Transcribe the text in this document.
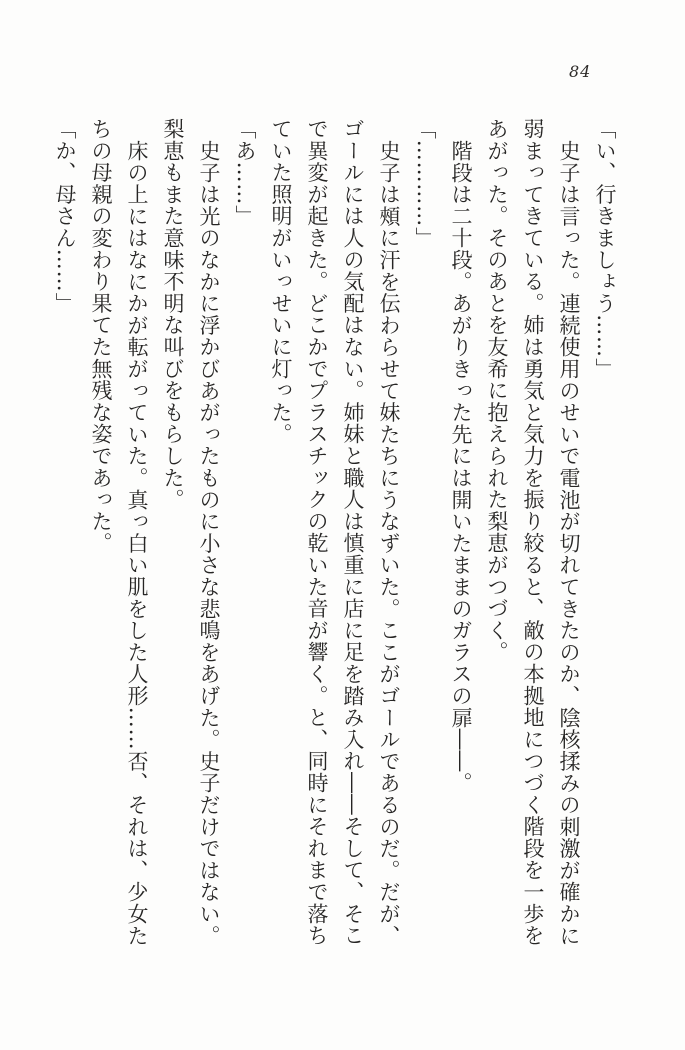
84

「い、行きましょう……」

史子は言った。連続使用のせいで電池が切れてきたのか、陰核揉みの刺激が確かに弱まってきている。姉は勇気と気力を振り絞ると、敵の本拠地につづく階段を一歩をあがった。そのあとを友希に抱えられた梨恵がつづく。

階段は二十段。あがりきった先には開いたままのガラスの扉――。

「…………」

史子は頰に汗を伝わらせて妹たちにうなずいた。ここがゴールであるのだ。だが、ゴールには人の気配はない。姉妹と職人は慎重に店に足を踏み入れ――そして、そこで異変が起きた。どこかでプラスチックの乾いた音が響く。と、同時にそれまで落ちていた照明がいっせいに灯った。

「あ……」

史子は光のなかに浮かびあがったものに小さな悲鳴をあげた。史子だけではない。梨恵もまた意味不明な叫びをもらした。

床の上にはなにかが転がっていた。真っ白い肌をした人形……否、それは、少女たちの母親の変わり果てた無残な姿であった。

「か、母さん……」
